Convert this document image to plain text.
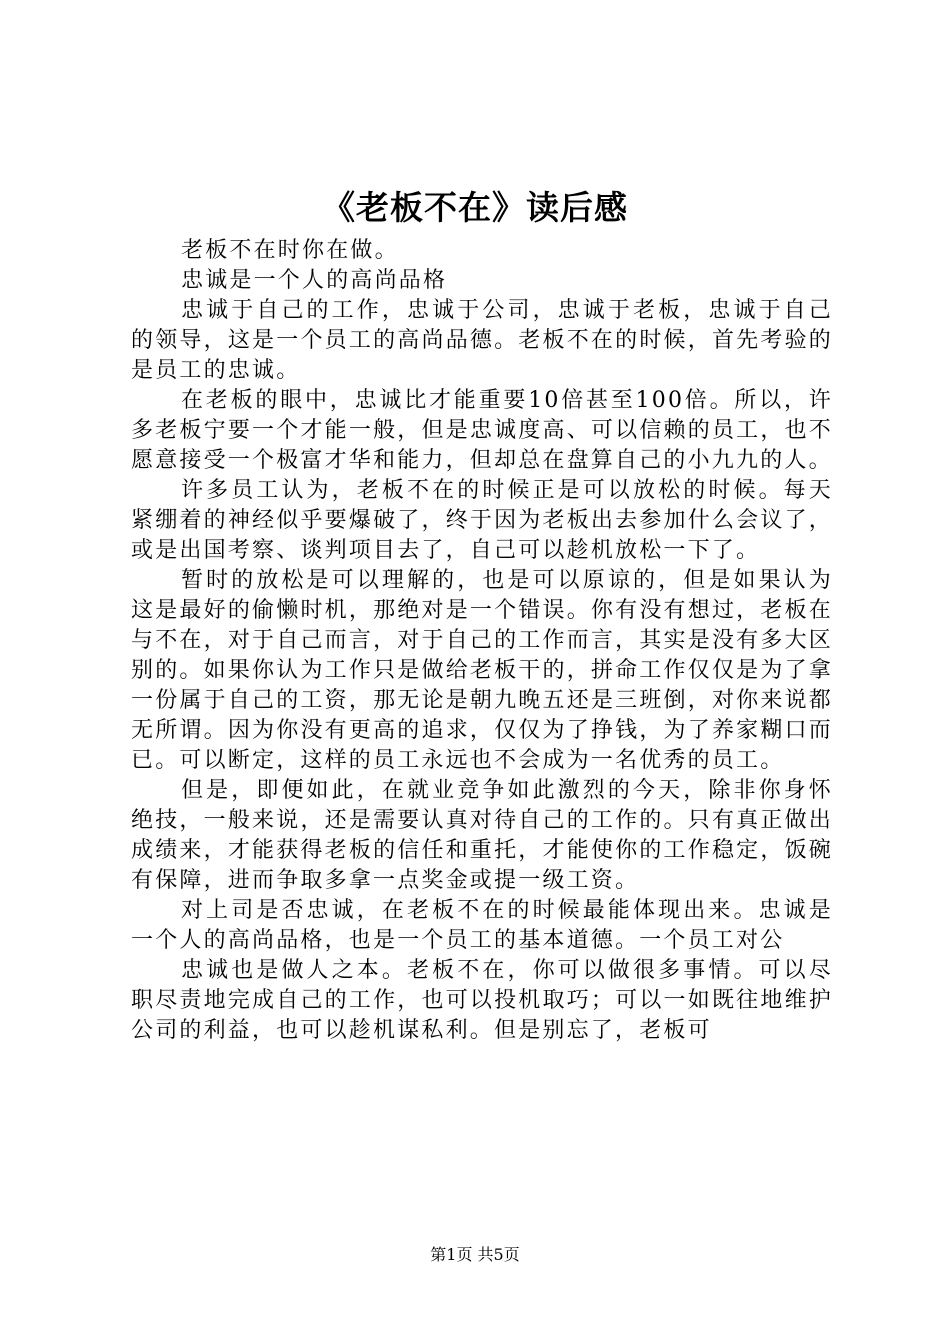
《老板不在》读后感

老板不在时你在做。

忠诚是一个人的高尚品格

忠诚于自己的工作，忠诚于公司，忠诚于老板，忠诚于自己的领导，这是一个员工的高尚品德。老板不在的时候，首先考验的是员工的忠诚。

在老板的眼中，忠诚比才能重要10倍甚至100倍。所以，许多老板宁要一个才能一般，但是忠诚度高、可以信赖的员工，也不愿意接受一个极富才华和能力，但却总在盘算自己的小九九的人。

许多员工认为，老板不在的时候正是可以放松的时候。每天紧绷着的神经似乎要爆破了，终于因为老板出去参加什么会议了，或是出国考察、谈判项目去了，自己可以趁机放松一下了。

暂时的放松是可以理解的，也是可以原谅的，但是如果认为这是最好的偷懒时机，那绝对是一个错误。你有没有想过，老板在与不在，对于自己而言，对于自己的工作而言，其实是没有多大区别的。如果你认为工作只是做给老板干的，拼命工作仅仅是为了拿一份属于自己的工资，那无论是朝九晚五还是三班倒，对你来说都无所谓。因为你没有更高的追求，仅仅为了挣钱，为了养家糊口而已。可以断定，这样的员工永远也不会成为一名优秀的员工。

但是，即便如此，在就业竞争如此激烈的今天，除非你身怀绝技，一般来说，还是需要认真对待自己的工作的。只有真正做出成绩来，才能获得老板的信任和重托，才能使你的工作稳定，饭碗有保障，进而争取多拿一点奖金或提一级工资。

对上司是否忠诚，在老板不在的时候最能体现出来。忠诚是一个人的高尚品格，也是一个员工的基本道德。一个员工对公

忠诚也是做人之本。老板不在，你可以做很多事情。可以尽职尽责地完成自己的工作，也可以投机取巧；可以一如既往地维护公司的利益，也可以趁机谋私利。但是别忘了，老板可

第1页 共5页
